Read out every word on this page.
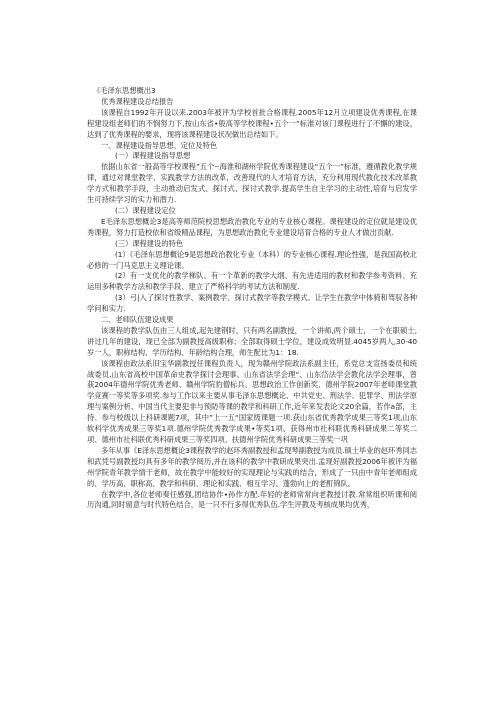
《毛泽东思想概出3

优秀课程建设总结报告

该课程自1992年开设以来.2003年被评为学校首批合格课程.2005年12月立项建设优秀课程,在课程建设组老师们的不悯努力下,按山东省•般高等学校课程•五个一”标准对该门课程进行了不懈的建设，达到了优秀课程的要求，现将该课程建设状况做出总结如下。

一、课程建设指导思想、定位及特色

(一）课程建设指导思想

依据山东省一般高等学校课程”五个--海淮和湖州学院优秀课程建设“五个一”标准，遵循教化教学规律，通过对课堂教学、实践教学方法的改革，改善现代的人才培育方法，充分利用现代教化技术改革教学方式和教学手段，主动推动启发式、探讨式、探讨式教学.提高学生自主学习的主动性,培育与启发学生可持续学习的实力和潜力.

(二）课程建设定位

E毛泽东思想概论3是高等师范院校思想政治教化专业的专业核心课程。课程建设的定位就是建设优秀课程，努力打造校依和省级精品课程，为思想政治教化专业建设培育合格的专业人才做出贡献.

(三）课程建设的特色

(1）《毛泽东思想概论9是思想政治教化专业（本科）的专业核心课程.理论性强，是我国高校北必修的一门马克思主义理论课。

(2）有一支优化的教学梯队、有一个革新的教学大纲、有先进适用的教材和教学参考资料、充运用多种教学方法和教学手段、建立了严格科学的考试方法和制度.

(3）弓|入了探讨性教学、案例教学、探讨式教学等教学模式。让学生在教学中体骑和驾驭各种学问和实力.

二、老师队伍建设成果

该课程的教学队伍由三人组成,起先建钢时，只有两名副教授，一个讲师,两个硕士，一个在职硕士,讲过几年的建设，现已全部为副教授高级职称；全部取得硕士学位，建设成效明显.4045岁两人,30-40岁一人，职称结构、学历结构、年龄结构合理，师生配比为1：18.

该课程由政法系旧宝华副教授任课程负责人，现为赣州学院政法系副主任，系党总支宣扬委员和统战委员,山东省高校中国革命史教学探讨会理事、山东省法学会理“、山东岱法学会教化法学会理事，曾获2004年德州学院优秀老师、赣州学院豹僧标兵、思想政治工作创新奖、德州学院2007年老师课堂教学竞赛一等奖等多项奖.参与工作以来主要从事毛泽东思想概论、中共党史、刑法学、犯罪学、刑法学原理与案例分析、中国当代主要犯非与预防等课的教学和科研工作,近年来发表论文20余篇，若作a部，主持、参与校级以上科研课题7项，其中”上一五“国家级课题一项.获山东省优秀教学成果三等奖1项,山东软科学优秀成果三等奖1项.德州学院优秀教学成果•等奖1项、获得州市社科联优秀科研成果二等奖二项、德州市社科联优秀科研成果三等奖四项、扶德州学院优秀科研成果三等奖一巩

多年从事《E泽东思想概论3课程教学的赵环秀副教授和孟现琴副教授为成员.硕士毕业的赵环秀同志和武凭号副教授均具有多年的教学阅历,并在该科的教学中教研成果突出.孟现好副教授2006年被评为福州学院青年教学情干老师，故在教学中能较好的实现理论与实践的结合，形成了一只由中青年老师组成的、学历高、职称高、教学和科研、理论和实践、相互学习、蓬勃向上的老酊锦队。

在教学中,各位老师奏任感强,团结协作•孙作方配.年轻的老师常常向老教授讨教.常常组织听课和阅历沟通,同时留意与时代特色结合，是一只不行多得优秀队伍.学生评教及考核成果均优秀，
